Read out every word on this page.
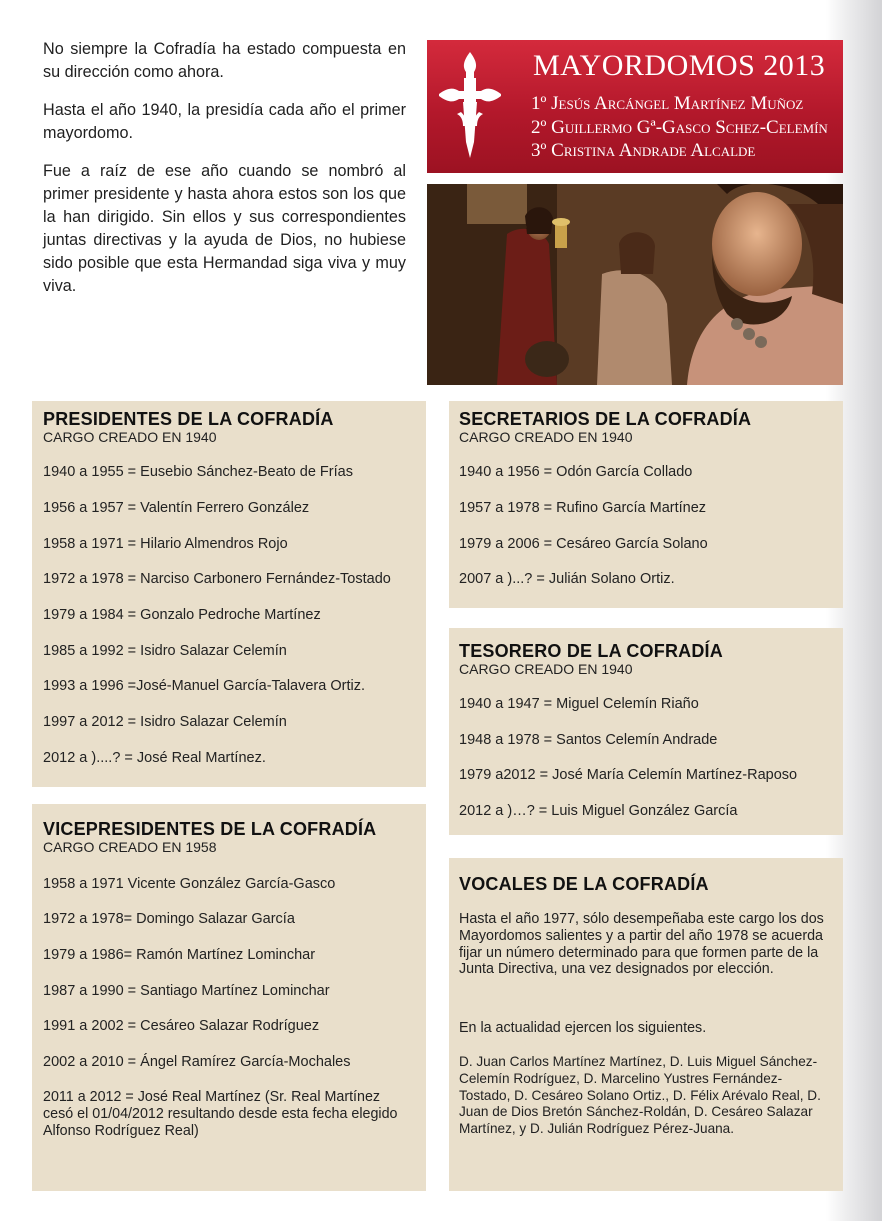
No siempre la Cofradía ha estado compuesta en su dirección como ahora.

Hasta el año 1940, la presidía cada año el primer mayordomo.

Fue a raíz de ese año cuando se nombró al primer presidente y hasta ahora estos son los que la han dirigido. Sin ellos y sus correspondientes juntas directivas y la ayuda de Dios, no hubiese sido posible que esta Hermandad siga viva y muy viva.

MAYORDOMOS 2013
1º Jesús Arcángel Martínez Muñoz
2º Guillermo Gª-Gasco Schez-Celemín
3º Cristina Andrade Alcalde
PRESIDENTES DE LA COFRADÍA
CARGO CREADO EN 1940
1940 a 1955 = Eusebio Sánchez-Beato de Frías
1956 a 1957 = Valentín Ferrero González
1958 a 1971 = Hilario Almendros Rojo
1972 a 1978 = Narciso Carbonero Fernández-Tostado
1979 a 1984 = Gonzalo Pedroche Martínez
1985 a 1992 = Isidro Salazar Celemín
1993 a 1996 =José-Manuel García-Talavera Ortiz.
1997 a 2012 = Isidro Salazar Celemín
2012 a )....? = José Real Martínez.
VICEPRESIDENTES DE LA COFRADÍA
CARGO CREADO EN 1958
1958 a 1971 Vicente González García-Gasco
1972 a 1978= Domingo Salazar García
1979 a 1986= Ramón Martínez Lominchar
1987 a 1990 = Santiago Martínez Lominchar
1991 a 2002 = Cesáreo Salazar Rodríguez
2002 a 2010 = Ángel Ramírez García-Mochales
2011 a 2012 = José Real Martínez (Sr. Real Martínez cesó el 01/04/2012 resultando desde esta fecha elegido Alfonso Rodríguez Real)
SECRETARIOS DE LA COFRADÍA
CARGO CREADO EN 1940
1940 a 1956 = Odón García Collado
1957 a 1978 = Rufino García Martínez
1979 a 2006 = Cesáreo García Solano
2007 a )...? = Julián Solano Ortiz.
TESORERO DE LA COFRADÍA
CARGO CREADO EN 1940
1940 a 1947 = Miguel Celemín Riaño
1948 a 1978 = Santos Celemín Andrade
1979 a2012 = José María Celemín Martínez-Raposo
2012 a )…? = Luis Miguel González García
VOCALES DE LA COFRADÍA
Hasta el año 1977, sólo desempeñaba este cargo los dos Mayordomos salientes y a partir del año 1978 se acuerda fijar un número determinado para que formen parte de la Junta Directiva, una vez designados por elección.
En la actualidad ejercen los siguientes.
D. Juan Carlos Martínez Martínez, D. Luis Miguel Sánchez-Celemín Rodríguez, D. Marcelino Yustres Fernández-Tostado, D. Cesáreo Solano Ortiz., D. Félix Arévalo Real, D. Juan de Dios Bretón Sánchez-Roldán, D. Cesáreo Salazar Martínez, y D. Julián Rodríguez Pérez-Juana.
